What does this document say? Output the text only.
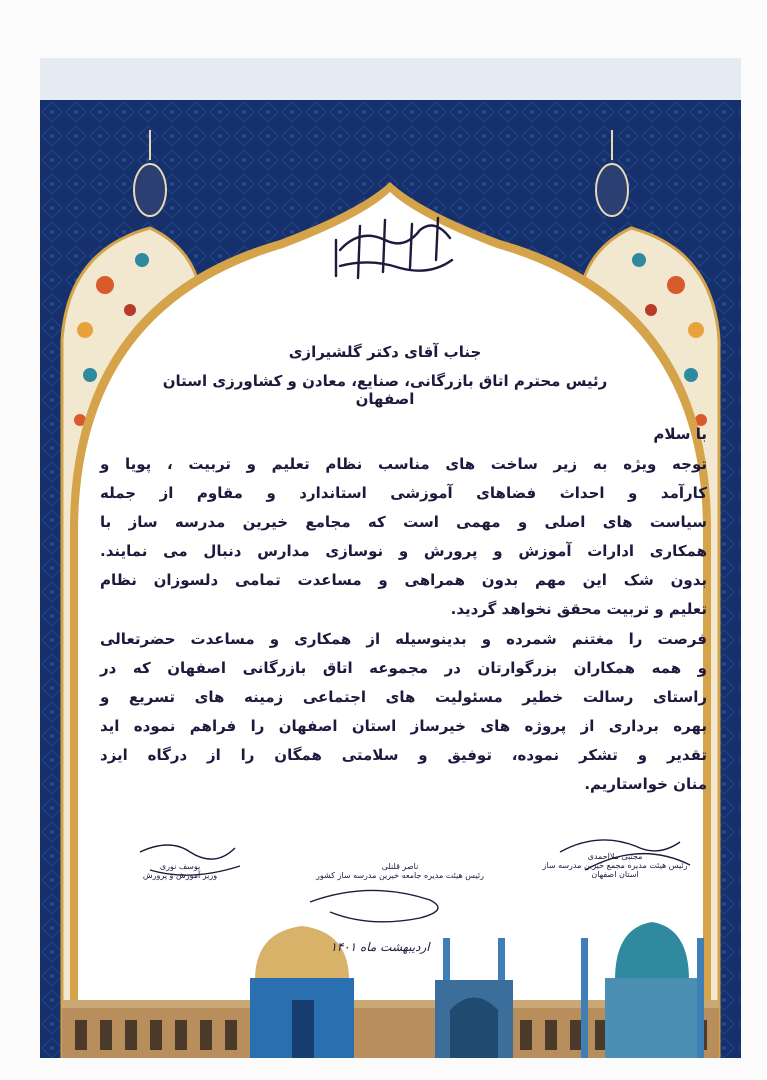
جناب آقای دکتر گلشیرازی
رئیس محترم اتاق بازرگانی، صنایع، معادن و کشاورزی استان اصفهان
با سلام
توجه ویژه به زیر ساخت های مناسب نظام تعلیم و تربیت ، پویا و
کارآمد و احداث فضاهای آموزشی استاندارد و مقاوم از جمله
سیاست های اصلی و مهمی است که مجامع خیرین مدرسه ساز با
همکاری ادارات آموزش و پرورش و نوسازی مدارس دنبال می نمایند.
بدون شک این مهم بدون همراهی و مساعدت تمامی دلسوزان نظام
تعلیم و تربیت محقق نخواهد گردید.
فرصت را مغتنم شمرده و بدینوسیله از همکاری و مساعدت حضرتعالی
و همه همکاران بزرگوارتان در مجموعه اتاق بازرگانی اصفهان که در
راستای رسالت خطیر مسئولیت های اجتماعی زمینه های تسریع و
بهره برداری از پروژه های خیرساز استان اصفهان را فراهم نموده اید
تقدیر و تشکر نموده، توفیق و سلامتی همگان را از درگاه ایزد
منان خواستاریم.
مجتبی ملااحمدی
رئیس هیئت مدیره مجمع خیرین مدرسه ساز
استان اصفهان
ناصر قلنلی
رئیس هیئت مدیره جامعه خیرین مدرسه ساز کشور
یوسف نوری
وزیر آموزش و پرورش
اردیبهشت ماه ۱۴۰۱
